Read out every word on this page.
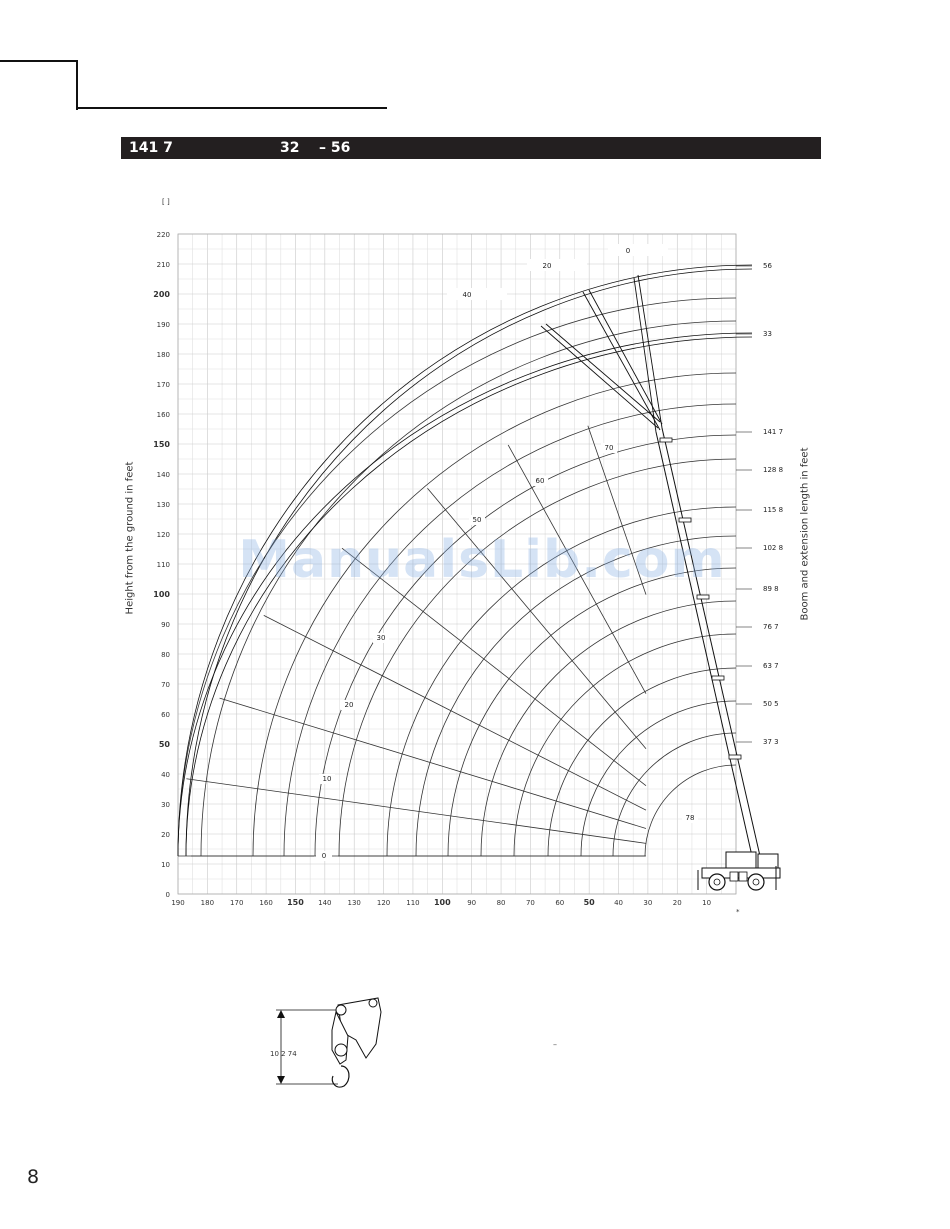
141 7	32 – 56
[ ]
Height from the ground in feet	Boom and extension length in feet
220
210
200
190
180
170
160
150
140
130
120
110
100
90
80
70
60
50
40
30
20
10
0
190 180 170 160 150 140 130 120 110 100 90	80	70	60 50	40	30	20	10
56
33
141 7
128 8
115 8
102 8
89 8
76 7
63 7
50 5
37 3
0
10
20
30
50
60
70
78
0
20
40
10 2 74
*
ManualsLib.com
–
8
